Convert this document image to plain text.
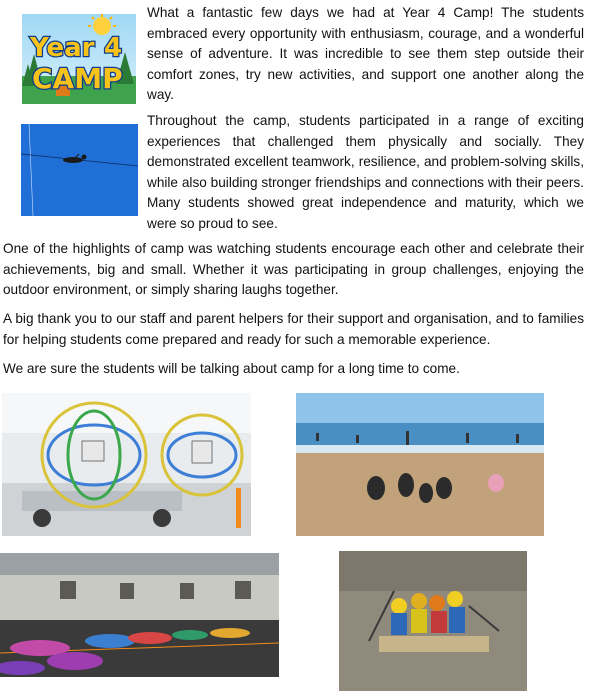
Year 4
CAMP

What a fantastic few days we had at Year 4 Camp! The students embraced every opportunity with enthusiasm, courage, and a wonderful sense of adventure. It was incredible to see them step outside their comfort zones, try new activities, and support one another along the way.

Throughout the camp, students participated in a range of exciting experiences that challenged them physically and socially. They demonstrated excellent teamwork, resilience, and problem-solving skills, while also building stronger friendships and connections with their peers. Many students showed great independence and maturity, which we were so proud to see.

One of the highlights of camp was watching students encourage each other and celebrate their achievements, big and small. Whether it was participating in group challenges, enjoying the outdoor environment, or simply sharing laughs together.

A big thank you to our staff and parent helpers for their support and organisation, and to families for helping students come prepared and ready for such a memorable experience.

We are sure the students will be talking about camp for a long time to come.
